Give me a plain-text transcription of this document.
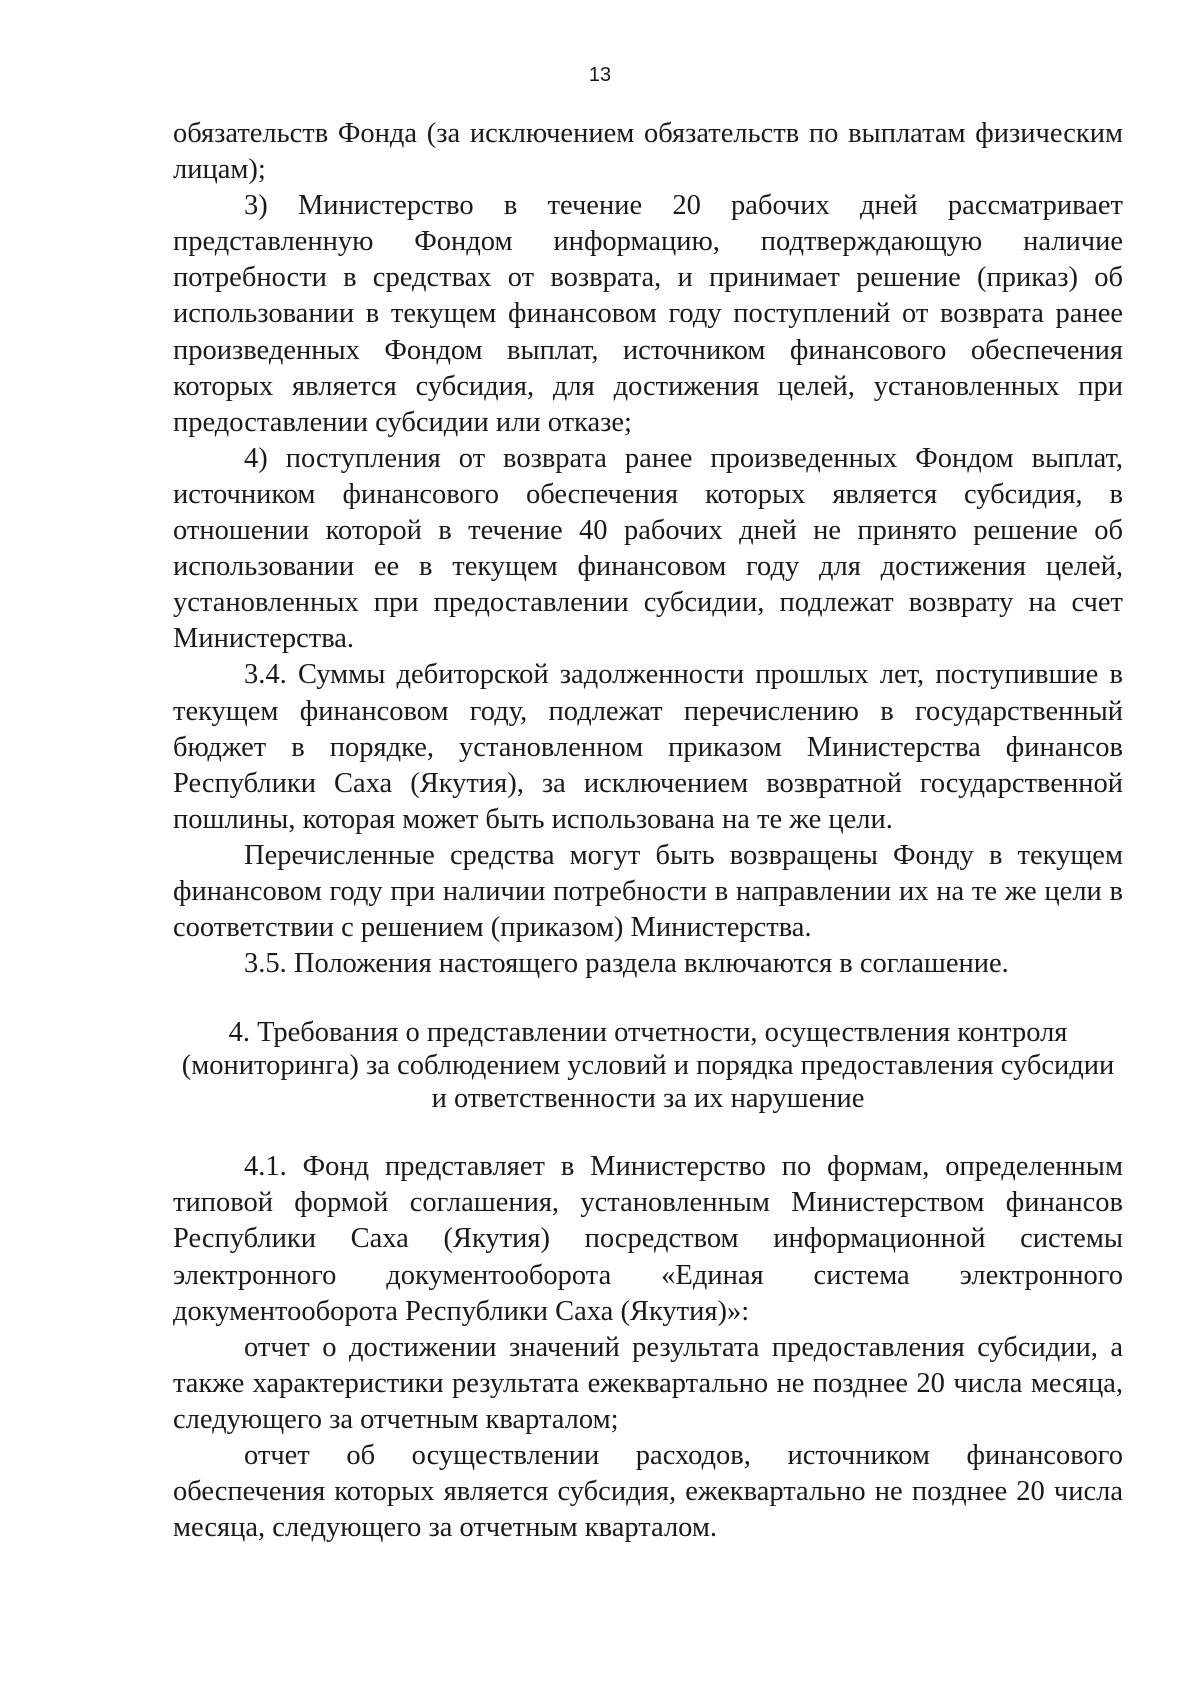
13

обязательств Фонда (за исключением обязательств по выплатам физическим лицам);

3) Министерство в течение 20 рабочих дней рассматривает представленную Фондом информацию, подтверждающую наличие потребности в средствах от возврата, и принимает решение (приказ) об использовании в текущем финансовом году поступлений от возврата ранее произведенных Фондом выплат, источником финансового обеспечения которых является субсидия, для достижения целей, установленных при предоставлении субсидии или отказе;

4) поступления от возврата ранее произведенных Фондом выплат, источником финансового обеспечения которых является субсидия, в отношении которой в течение 40 рабочих дней не принято решение об использовании ее в текущем финансовом году для достижения целей, установленных при предоставлении субсидии, подлежат возврату на счет Министерства.

3.4. Суммы дебиторской задолженности прошлых лет, поступившие в текущем финансовом году, подлежат перечислению в государственный бюджет в порядке, установленном приказом Министерства финансов Республики Саха (Якутия), за исключением возвратной государственной пошлины, которая может быть использована на те же цели.

Перечисленные средства могут быть возвращены Фонду в текущем финансовом году при наличии потребности в направлении их на те же цели в соответствии с решением (приказом) Министерства.

3.5. Положения настоящего раздела включаются в соглашение.

4. Требования о представлении отчетности, осуществления контроля
(мониторинга) за соблюдением условий и порядка предоставления субсидии
и ответственности за их нарушение

4.1. Фонд представляет в Министерство по формам, определенным типовой формой соглашения, установленным Министерством финансов Республики Саха (Якутия) посредством информационной системы электронного документооборота «Единая система электронного документооборота Республики Саха (Якутия)»:

отчет о достижении значений результата предоставления субсидии, а также характеристики результата ежеквартально не позднее 20 числа месяца, следующего за отчетным кварталом;

отчет об осуществлении расходов, источником финансового обеспечения которых является субсидия, ежеквартально не позднее 20 числа месяца, следующего за отчетным кварталом.
